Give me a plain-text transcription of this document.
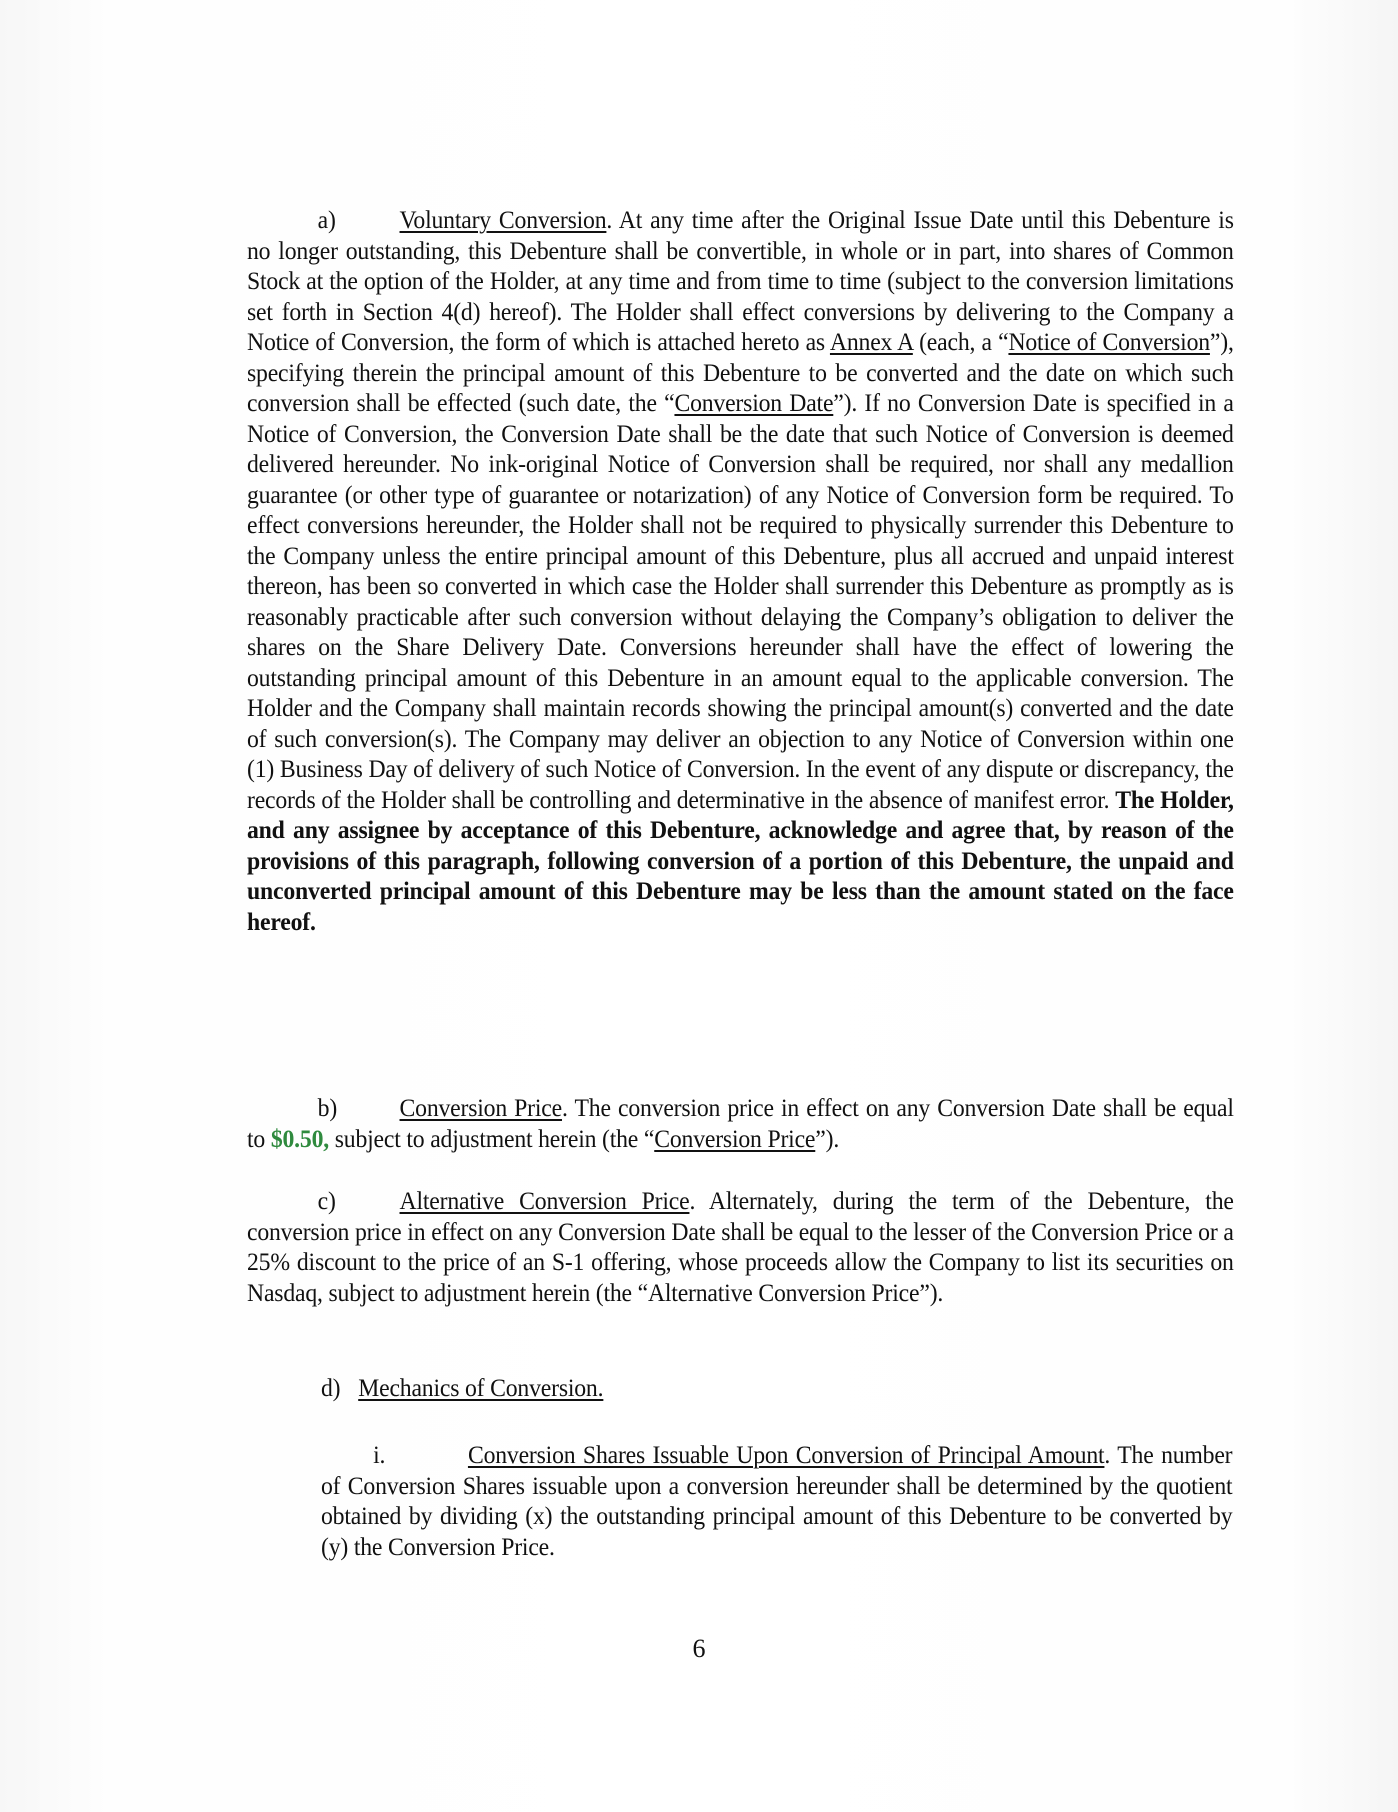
a)	Voluntary Conversion. At any time after the Original Issue Date until this Debenture is no longer outstanding, this Debenture shall be convertible, in whole or in part, into shares of Common Stock at the option of the Holder, at any time and from time to time (subject to the conversion limitations set forth in Section 4(d) hereof). The Holder shall effect conversions by delivering to the Company a Notice of Conversion, the form of which is attached hereto as Annex A (each, a “Notice of Conversion”), specifying therein the principal amount of this Debenture to be converted and the date on which such conversion shall be effected (such date, the “Conversion Date”). If no Conversion Date is specified in a Notice of Conversion, the Conversion Date shall be the date that such Notice of Conversion is deemed delivered hereunder. No ink-original Notice of Conversion shall be required, nor shall any medallion guarantee (or other type of guarantee or notarization) of any Notice of Conversion form be required. To effect conversions hereunder, the Holder shall not be required to physically surrender this Debenture to the Company unless the entire principal amount of this Debenture, plus all accrued and unpaid interest thereon, has been so converted in which case the Holder shall surrender this Debenture as promptly as is reasonably practicable after such conversion without delaying the Company’s obligation to deliver the shares on the Share Delivery Date. Conversions hereunder shall have the effect of lowering the outstanding principal amount of this Debenture in an amount equal to the applicable conversion. The Holder and the Company shall maintain records showing the principal amount(s) converted and the date of such conversion(s). The Company may deliver an objection to any Notice of Conversion within one (1) Business Day of delivery of such Notice of Conversion. In the event of any dispute or discrepancy, the records of the Holder shall be controlling and determinative in the absence of manifest error. The Holder, and any assignee by acceptance of this Debenture, acknowledge and agree that, by reason of the provisions of this paragraph, following conversion of a portion of this Debenture, the unpaid and unconverted principal amount of this Debenture may be less than the amount stated on the face hereof.

b) Conversion Price. The conversion price in effect on any Conversion Date shall be equal to $0.50, subject to adjustment herein (the “Conversion Price”).

c)	Alternative Conversion Price. Alternately, during the term of the Debenture, the conversion price in effect on any Conversion Date shall be equal to the lesser of the Conversion Price or a 25% discount to the price of an S-1 offering, whose proceeds allow the Company to list its securities on Nasdaq, subject to adjustment herein (the “Alternative Conversion Price”).

d) Mechanics of Conversion.

i.	Conversion Shares Issuable Upon Conversion of Principal Amount. The number of Conversion Shares issuable upon a conversion hereunder shall be determined by the quotient obtained by dividing (x) the outstanding principal amount of this Debenture to be converted by (y) the Conversion Price.

6
